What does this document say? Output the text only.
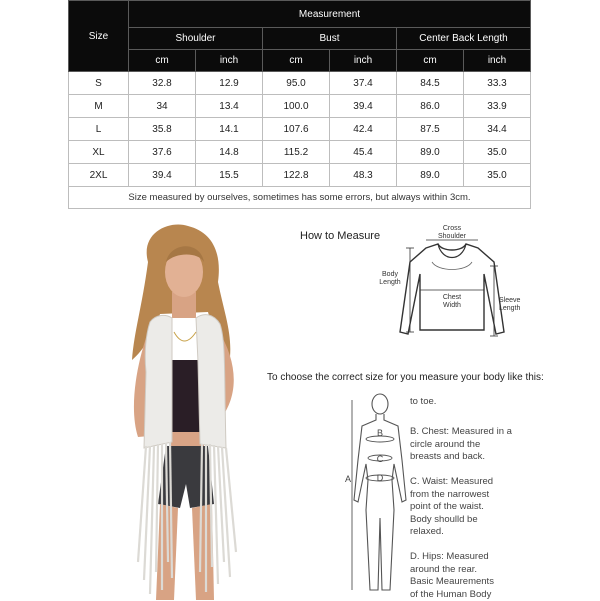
Size	Measurement					
	Shoulder		Bust		Center Back Length	
	cm	inch	cm	inch	cm	inch
S	32.8	12.9	95.0	37.4	84.5	33.3
M	34	13.4	100.0	39.4	86.0	33.9
L	35.8	14.1	107.6	42.4	87.5	34.4
XL	37.6	14.8	115.2	45.4	89.0	35.0
2XL	39.4	15.5	122.8	48.3	89.0	35.0
Size measured by ourselves, sometimes has some errors, but always within 3cm.						
How to Measure
Cross
Shoulder
Chest
Width
Body
Length
Sleeve
Length
To choose the correct size for you measure your body like this:
B
C
D
A
to toe.
B. Chest: Measured in a
circle around the
breasts and back.
C. Waist: Measured
from the narrowest
point of the waist.
Body shoulld be
relaxed.
D. Hips: Measured
around the rear.
Basic Meaurements
of the Human Body
